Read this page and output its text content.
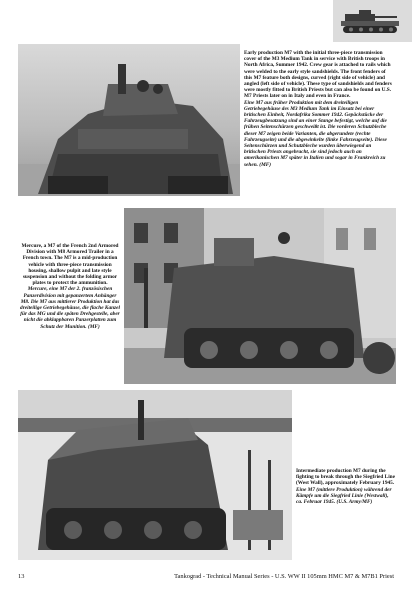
Early production M7 with the initial three-piece transmission cover of the M3 Medium Tank in service with British troops in North Africa, Summer 1942. Crew gear is attached to rails which were welded to the early style sandshields. The front fenders of this M7 feature both designs, curved (right side of vehicle) and angled (left side of vehicle). These type of sandshields and fenders were mostly fitted to British Priests but can also be found on U.S. M7 Priests later on in Italy and even in France.
Eine M7 aus früher Produktion mit dem dreiteiligen Getriebegehäuse des M3 Medium Tank im Einsatz bei einer britischen Einheit, Nordafrika Sommer 1942. Gepäckstücke der Fahrzeugbesatzung sind an einer Stange befestigt, welche auf die frühen Seitenschürzen geschweißt ist. Die vorderen Schutzbleche dieser M7 zeigen beide Varianten, die abgerundete (rechte Fahrzeugseite) und die abgewinkelte (linke Fahrzeugseite). Diese Seitenschürzen und Schutzbleche wurden überwiegend an britischen Priests angebracht, sie sind jedoch auch an amerikanischen M7 später in Italien und sogar in Frankreich zu sehen. (MF)

Mercure, a M7 of the French 2nd Armored Division with M8 Armored Trailer in a French town. The M7 is a mid-production vehicle with three-piece transmission housing, shallow pulpit and late style suspension and without the folding armor plates to protect the ammunition.
Mercure, eine M7 der 2. französischen Panzerdivision mit gepanzertem Anhänger M8. Die M7 aus mittlerer Produktion hat das dreiteilige Getriebegehäuse, die flache Kanzel für das MG und die späten Drehgestelle, aber nicht die abklappbaren Panzerplatten zum Schutz der Munition. (MF)

Intermediate production M7 during the fighting to break through the Siegfried Line (West Wall), approximately February 1945.
Eine M7 (mittlere Produktion) während der Kämpfe um die Siegfried Linie (Westwall), ca. Februar 1945. (U.S. Army/MF)

13	Tankograd - Technical Manual Series - U.S. WW II 105mm HMC M7 & M7B1 Priest
